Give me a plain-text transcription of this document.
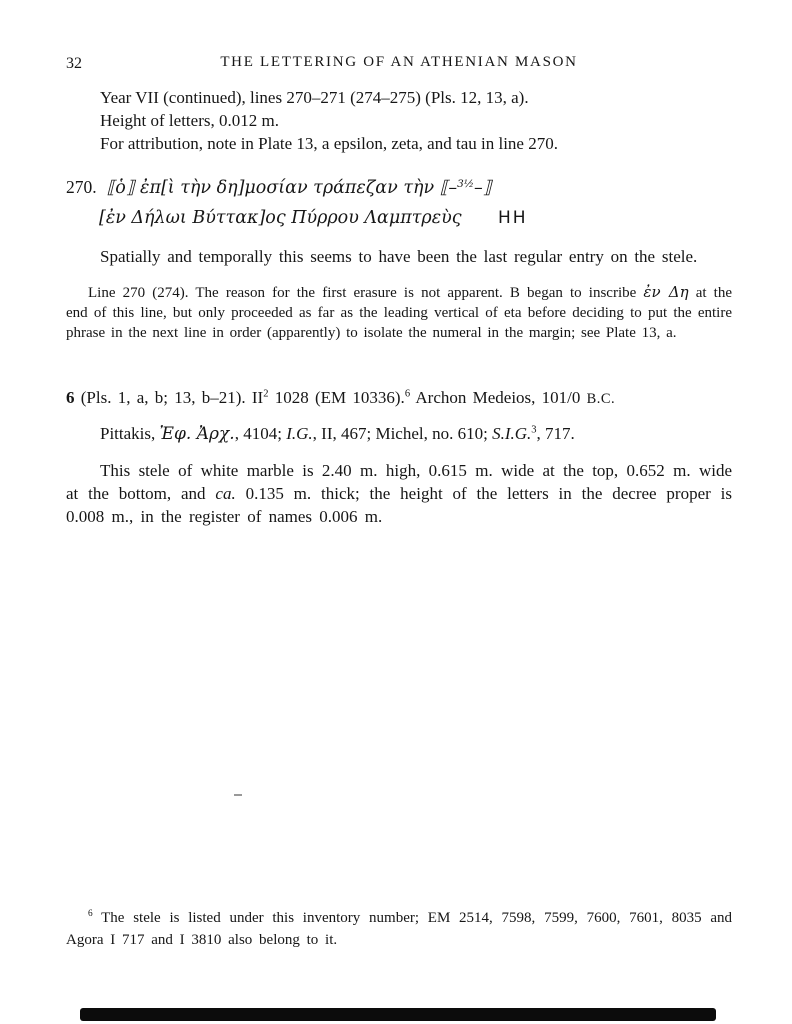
32	THE LETTERING OF AN ATHENIAN MASON
Year VII (continued), lines 270–271 (274–275) (Pls. 12, 13, a).
Height of letters, 0.012 m.
For attribution, note in Plate 13, a epsilon, zeta, and tau in line 270.
270. ⟦ὁ⟧ ἐπ[ὶ τὴν δη]μοσίαν τράπεζαν τὴν ⟦–$^{3\frac{1}{2}}$–⟧
[ἐν Δήλωι Βύττακ]ος Πύρρου Λαμπτρεὺς HH

Spatially and temporally this seems to have been the last regular entry on the stele.

Line 270 (274). The reason for the first erasure is not apparent. B began to inscribe ἐν Δη at the end of this line, but only proceeded as far as the leading vertical of eta before deciding to put the entire phrase in the next line in order (apparently) to isolate the numeral in the margin; see Plate 13, a.

6 (Pls. 1, a, b; 13, b–21). $II^2$ 1028 (EM 10336).$^6$ Archon Medeios, 101/0 B.C.

Pittakis, Ἐφ. Ἀρχ., 4104; I.G., II, 467; Michel, no. 610; S.I.G.$^3$, 717.

This stele of white marble is 2.40 m. high, 0.615 m. wide at the top, 0.652 m. wide at the bottom, and ca. 0.135 m. thick; the height of the letters in the decree proper is 0.008 m., in the register of names 0.006 m.

$^6$ The stele is listed under this inventory number; EM 2514, 7598, 7599, 7600, 7601, 8035 and Agora I 717 and I 3810 also belong to it.
